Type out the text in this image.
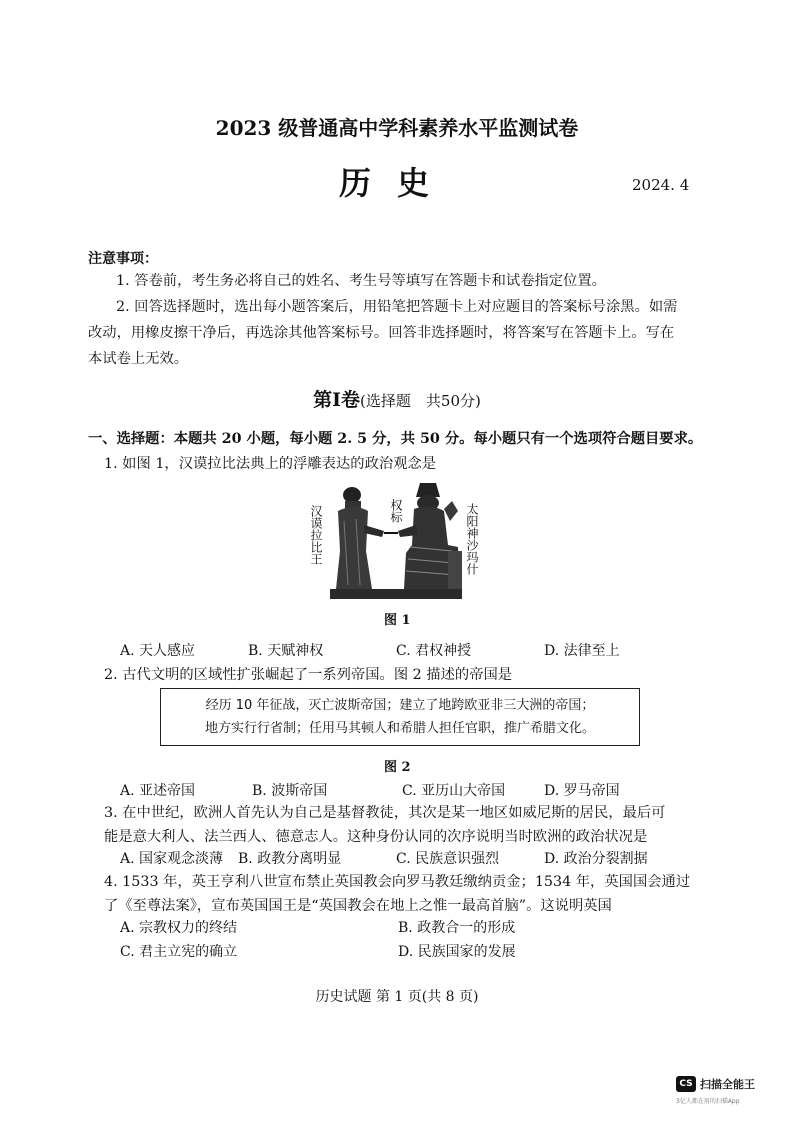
2023 级普通高中学科素养水平监测试卷
历史	2024. 4
注意事项：

1. 答卷前，考生务必将自己的姓名、考生号等填写在答题卡和试卷指定位置。

2. 回答选择题时，选出每小题答案后，用铅笔把答题卡上对应题目的答案标号涂黑。如需改动，用橡皮擦干净后，再选涂其他答案标号。回答非选择题时，将答案写在答题卡上。写在本试卷上无效。

第Ⅰ卷(选择题　共50分)
一、选择题：本题共 20 小题，每小题 2. 5 分，共 50 分。每小题只有一个选项符合题目要求。
1. 如图 1，汉谟拉比法典上的浮雕表达的政治观念是
汉谟拉比王	权标	太阳神沙玛什
图 1
A. 天人感应	B. 天赋神权	C. 君权神授	D. 法律至上
2. 古代文明的区域性扩张崛起了一系列帝国。图 2 描述的帝国是
经历 10 年征战，灭亡波斯帝国；建立了地跨欧亚非三大洲的帝国；
地方实行行省制；任用马其顿人和希腊人担任官职，推广希腊文化。
图 2
A. 亚述帝国	B. 波斯帝国	C. 亚历山大帝国	D. 罗马帝国

3. 在中世纪，欧洲人首先认为自己是基督教徒，其次是某一地区如威尼斯的居民，最后可

能是意大利人、法兰西人、德意志人。这种身份认同的次序说明当时欧洲的政治状况是

A. 国家观念淡薄 B. 政教分离明显	C. 民族意识强烈	D. 政治分裂割据

4. 1533 年，英王亨利八世宣布禁止英国教会向罗马教廷缴纳贡金；1534 年，英国国会通过

了《至尊法案》，宣布英国国王是“英国教会在地上之惟一最高首脑”。这说明英国

A. 宗教权力的终结	B. 政教合一的形成
C. 君主立宪的确立	D. 民族国家的发展
历史试题 第 1 页(共 8 页)
CS 扫描全能王
3亿人都在用的扫描App
